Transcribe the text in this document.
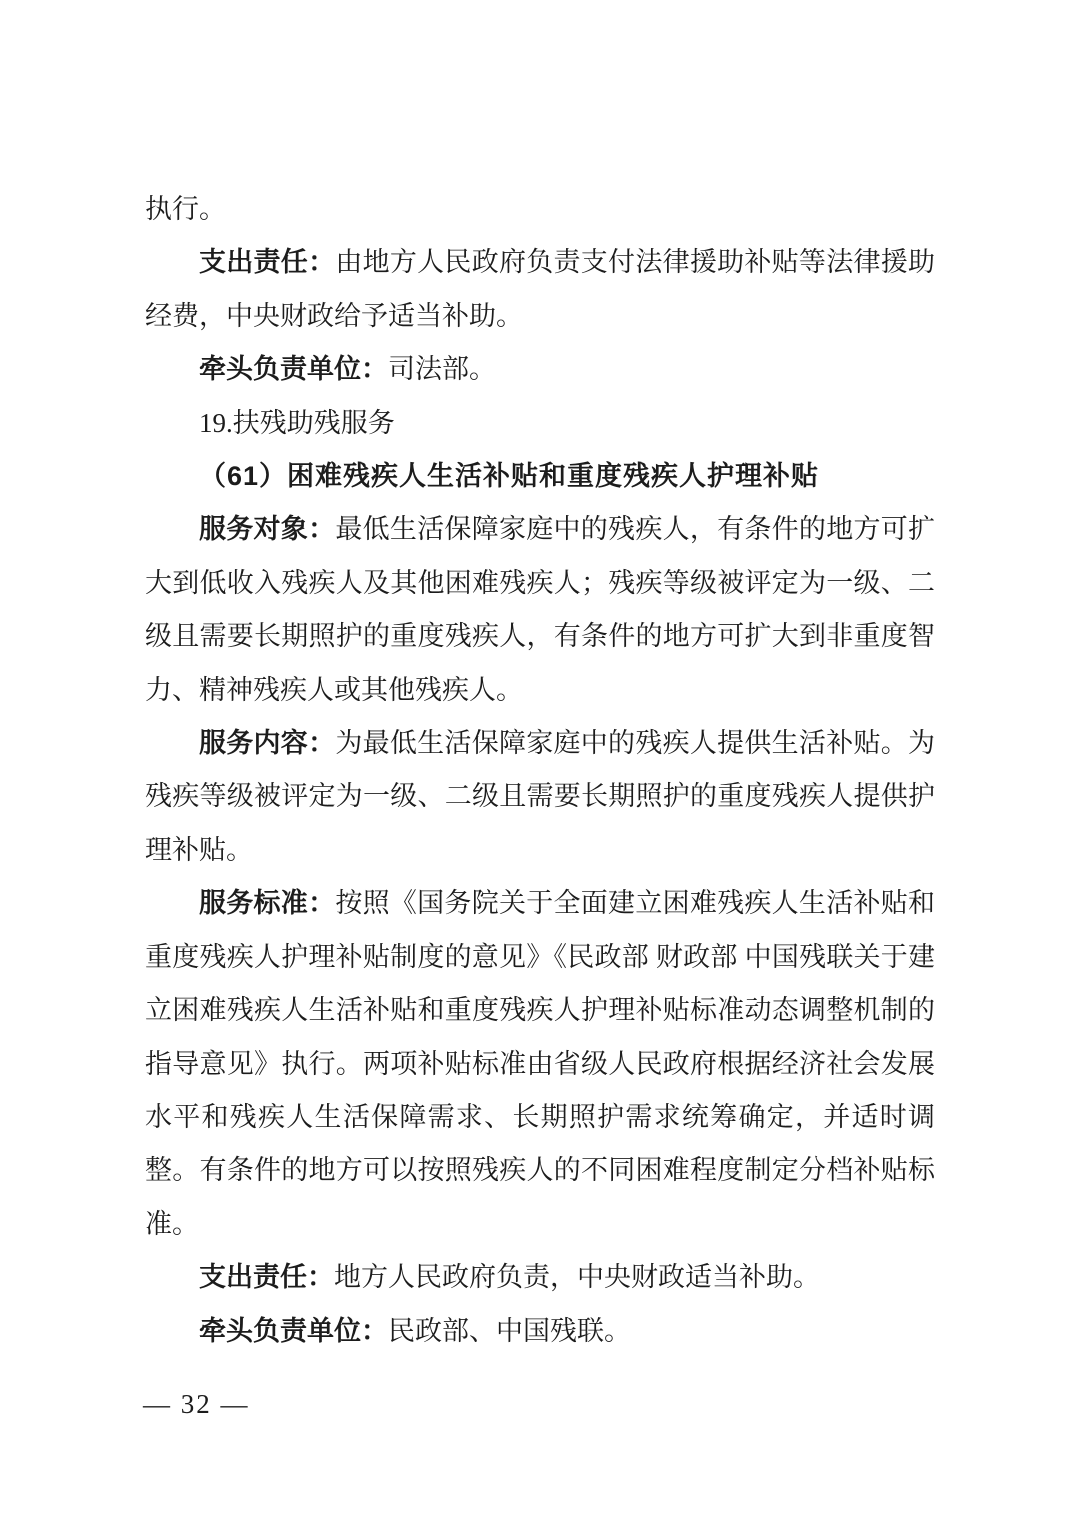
执行。

支出责任：由地方人民政府负责支付法律援助补贴等法律援助经费，中央财政给予适当补助。

牵头负责单位：司法部。

19.扶残助残服务

（61）困难残疾人生活补贴和重度残疾人护理补贴

服务对象：最低生活保障家庭中的残疾人，有条件的地方可扩大到低收入残疾人及其他困难残疾人；残疾等级被评定为一级、二级且需要长期照护的重度残疾人，有条件的地方可扩大到非重度智力、精神残疾人或其他残疾人。

服务内容：为最低生活保障家庭中的残疾人提供生活补贴。为残疾等级被评定为一级、二级且需要长期照护的重度残疾人提供护理补贴。

服务标准：按照《国务院关于全面建立困难残疾人生活补贴和重度残疾人护理补贴制度的意见》《民政部 财政部 中国残联关于建立困难残疾人生活补贴和重度残疾人护理补贴标准动态调整机制的指导意见》执行。两项补贴标准由省级人民政府根据经济社会发展水平和残疾人生活保障需求、长期照护需求统筹确定，并适时调整。有条件的地方可以按照残疾人的不同困难程度制定分档补贴标准。

支出责任：地方人民政府负责，中央财政适当补助。

牵头负责单位：民政部、中国残联。

— 32 —
